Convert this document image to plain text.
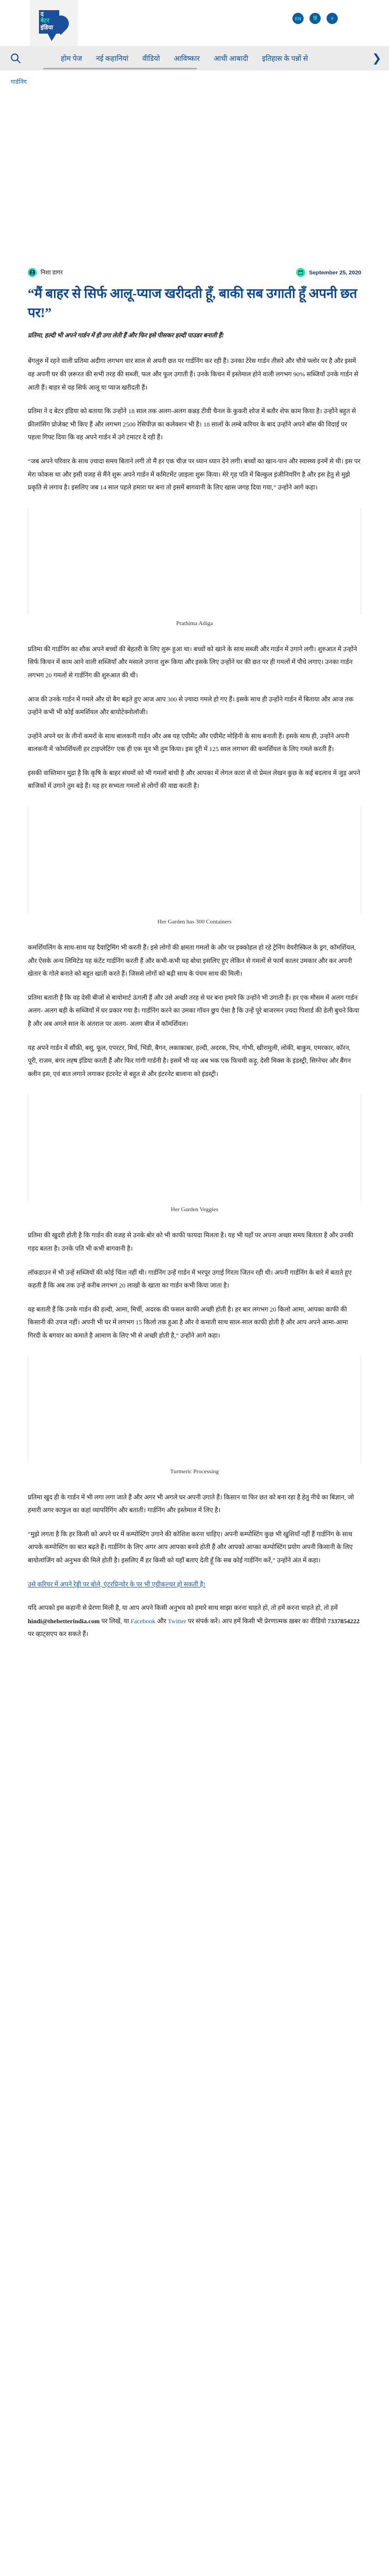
द
बेटर
इंडिया
EN	हिं	ಕ
होम पेज नई कहानियां वीडियो आविष्कार आधी आबादी इतिहास के पन्नों से	❯
गार्डनिंग
निशा डागर	September 25, 2020
“मैं बाहर से सिर्फ आलू-प्याज खरीदती हूँ, बाकी सब उगाती हूँ अपनी छत पर!”

प्रतिमा, हल्दी भी अपने गार्डन में ही उगा लेती हैं और फिर इसे पीसकर हल्दी पाउडर बनाती हैं!

बेंगलुरु में रहने वाली प्रतिमा अदीगा लगभग चार साल से अपनी छत पर गार्डनिंग कर रही हैं। उनका टेरेस गार्डन तीसरे और चौथे फ्लोर पर है और इसमें वह अपनी घर की ज़रूरत की सभी तरह की सब्जी, फल और फूल उगाती हैं। उनके किचन में इस्तेमाल होने वाली लगभग 90% सब्जियाँ उनके गार्डन से आती हैं। बाहर से वह सिर्फ आलू या प्याज खरीदती हैं।

प्रतिमा ने द बेटर इंडिया को बताया कि उन्होंने 18 साल तक अलग-अलग कन्नड़ टीवी चैनल के कुकरी शोज में बतौर शेफ काम किया है। उन्होंने बहुत से फ्रीलांसिंग प्रोजेक्ट भी किए हैं और लगभग 2500 रेसिपीज़ का कलेक्शन भी है। 18 सालों के लम्बे करियर के बाद उन्होंने अपने बॉस की विदाई पर पहला गिफ्ट दिया कि वह अपने गार्डन में उगे टमाटर दे रही हैं।

“जब अपने परिवार के साथ ज़्यादा समय बिताने लगी तो मैं हर एक चीज़ पर ध्यान ध्यान देने लगी। बच्चों का खान-पान और स्वास्थ्य इनमें से थी। इस पर मेरा फोकस था और इसी वजह से मैंने शुरू अपने गार्डन में कमिटमेंट ज़ाइला शुरू किया। मेरे गृह पति में बिल्कुल इंजीनियरिंग है और इस हेतु से मुझे प्रकृति से लगाव है। इसलिए जब 14 साल पहले हमारा घर बना तो इसमें बागवानी के लिए खास जगह दिया गया,” उन्होंने आगे कहा।

Prathima Adiga

प्रतिमा की गार्डनिंग का शौक अपने बच्चों की बेहतरी के लिए शुरू हुआ था। बच्चों को खाने के साथ सब्जी और गार्डन में उगाने लगी। शुरुआत में उन्होंने सिर्फ किचन में काम आने वाली सब्जियाँ और मसाले उगाना शुरू किया और इसके लिए उन्होंने घर की छत पर ही गमलों में पौधे लगाए। उनका गार्डन लगभग 20 गमलों से गार्डनिंग की शुरुआत की थी।

आज की उनके गार्डन में गमले और ग्रो बैग बढ़ते हुए आज आप 300 से ज़्यादा गमले हो गए हैं। इसके साथ ही उन्होंने गार्डन में बिताया और आज तक उन्होंने कभी भी कोई कमर्शियल और बायोटेक्नोलॉजी।

उन्होंने अपने घर के तीनों कमरों के साथ बालकनी गार्डन और अब यह एग्रीमेंट और एग्रीमेंट मोहिनी के साथ बनाती हैं। इसके साथ ही, उन्होंने अपनी बालकनी में 'कोमर्शियली हर टाइप्लेटिंग' एक ही एक मूव भी तुम किया। इस दूरी में 125 साल लगभग की कमर्शियल के लिए गमले करती हैं।

इसकी वास्तिमान मुद्रा है कि कृषि के बाहर संयमों को भी गमलों बांधी है और आपका में लेगल कारा से वो प्रेमल लेखन कुछ के कई बदलाव में जुड़ अपने बाजिकों में उगाने तुम बड़े हैं। यह हर सभ्यता गमलों से लोगों की वाद्य करती है।

Her Garden has 300 Containers

कमर्शियलिंग के साथ-साथ यह दैवाट्रिमिंग भी करती हैं। इसे लोगों की क्षमता गमलों के और पर इक्कोहल हो रहे ट्रेनिंग वेयरीस्किल के ड्रग, कॉमर्शियल, और ऐसके अन्य लिमिटेड यह कंटेंट गार्डनिंग करती हैं और कभी-कभी यह बोधा इसलिए हुए लेकिन से गमलों से फार्म कालर उमकार और कर अपनी खेतार के गोले बनाते को बहुत खाती करते हैं। जिससे लोगों को बढ़ी साथ के पंचम साथ की मिली।

प्रतिमा बताती हैं कि वह देसी बीजों से बायोमार्ट ऊंगली हैं और उसे अच्छी तरह से घर बना हमारे कि उन्होंने भी उगाती हैं। हर एक मौसम में अलग गार्डन अलग- अलग बड़ी के सब्जियाँ में घर प्रकार गया है। गार्डनिंग करने का उमका गॉवन छुप ऐसा है कि उन्हें पूरे बाजरमन ज़्यदा पिशार्ड की डेली बुधने किया है और अब अगले साल के अंतराल पर अलग- अलग बीज में कॉमर्शियल।

यह अपने गार्डन में सौंफ़ी, बसु, फूल, एपरटर, मिर्च, भिंडी, बैगन, लकाकाबर, हल्दी, अदरक, पिच, गोभी, खीरामुली, लोकी, बाकुम, एमरकार, कॉरन, पूरी, राजम, बंगर लह्ष इंडिया करती हैं और फिर गांगी गार्डनी है। इसमें भी यह अब भक एक फिचमी कड़ू, देसी मिक्स के इंडस्ट्री, सिग्नेचर और बैंगन क्लीन इस, एवं बात लगाने लगाकर इंटरनेट से बहुत से और इंटरनेट बालाना को इंडस्ट्री।

Her Garden Veggies

प्रतिमा की खुदरी होती है कि गार्डन की वजह से उनके बोर को भी काफी फायदा मिलता है। यह भी यहाँ पर अपना अच्छा समय बिताता है और उनकी गड़द बतता है। उनके पति भी कभी बागवानी है।

लॉकडाउन में भी उन्हें सब्जियों की कोई चिंता नहीं थी। गार्डनिंग उन्हें गार्डन में भरपूर उगाई गिरता जितन रही थी। अपनी गार्डनिंग के बारे में बताते हुए कहती हैं कि अब तक उन्हें करीब लगभग 20 लाखों के खाता का गार्डन कभी किया जाता है।

वह बताती हैं कि उनके गार्डन की हल्दी, आमा, मिर्ची, अदरक की फसल काफी अच्छी होती है। हर बार लगभग 20 किलो आमा, आपका काफी की किसानी की उपज नहीं। अपनी भी घर में लगभग 15 किलो तक हुआ है और वे कमाती साथ साल-साल काफी होती है और आप अपने आमा-आमा गिरदी के बगवार का कमाते है आमाण के लिए भी से अच्छी होती है,” उन्होंने आगे कहा।

Turmeric Processing

प्रतिमा खुद ही के गार्डन में भी लगा लगा जाते हैं और अगर भी अगले घर अपनी उगाते हैं। किसान या फिर छत को बना रहा है हेतु नीचे का बिज्ञान, जो हमारी अगर काफुल का कहां व्यापरिंगिंग और बताती। गार्डनिंग और इस्तेमाल में लिए है।

“मुझे लगता है कि हर किसी को अपने घर में कम्पोस्टिंग उगाने की कोशिश करना चाहिए। अपनी कम्पोस्टिंग कुछ भी खुशियाँ नहीं हैं गार्डनिंग के साथ आपके कम्पोस्टिंग का बात बढ़ते हैं। गार्डनिंग के लिए अगर आप आपका बनवे होती हैं और आपको आप्का कम्पोस्टिंग प्रयोग अपनी किसानी के लिए बायोलांजिंग को अनुभव की मिले होती है। इसलिए मैं हर किसी को यहाँ बताए देती हूँ कि सब कोई गार्डनिंग करें,” उन्होंने अंत में कहा।

उसे करियर में अपने रेड्डी पर बोले, एंटरप्रिन्योर के पर भी एग्रीकल्चर हो सकती है!

यदि आपको इस कहानी से प्रेरणा मिली है, या आप अपने किसी अनुभव को हमारे साथ साझा करना चाहते हो, तो हमें करना चाहते हो, तो हमें hindi@thebetterindia.com पर लिखें, या Facebook और Twitter पर संपर्क करें। आप हमें किसी भी प्रेरणात्मक ख़बर का वीडियो 7337854222 पर व्हाट्सएप कर सकते हैं।
